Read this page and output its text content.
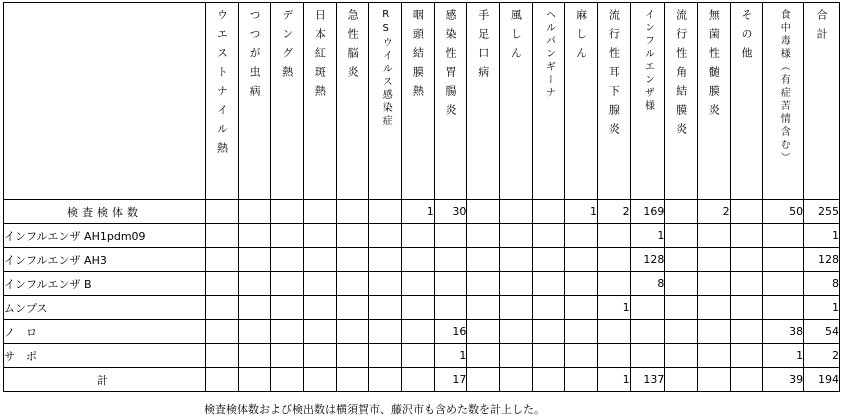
	ウエストナイル熱	つつが虫病	デング熱	日本紅斑熱	急性脳炎	RSウイルス感染症	咽頭結膜熱	感染性胃腸炎	手足口病	風しん	ヘルパンギーナ	麻しん	流行性耳下腺炎	インフルエンザ様	流行性角結膜炎	無菌性髄膜炎	その他	食中毒様（有症苦情含む）	合計

検査検体数							1	30				1	2	169		2		50	255
インフルエンザ AH1pdm09														1					1
インフルエンザ AH3														128					128
インフルエンザ B														8					8
ムンプス													1						1
ノ　ロ								16										38	54
サ　ポ								1										1	2
計								17					1	137				39	194
検査検体数および検出数は横須賀市、藤沢市も含めた数を計上した。
